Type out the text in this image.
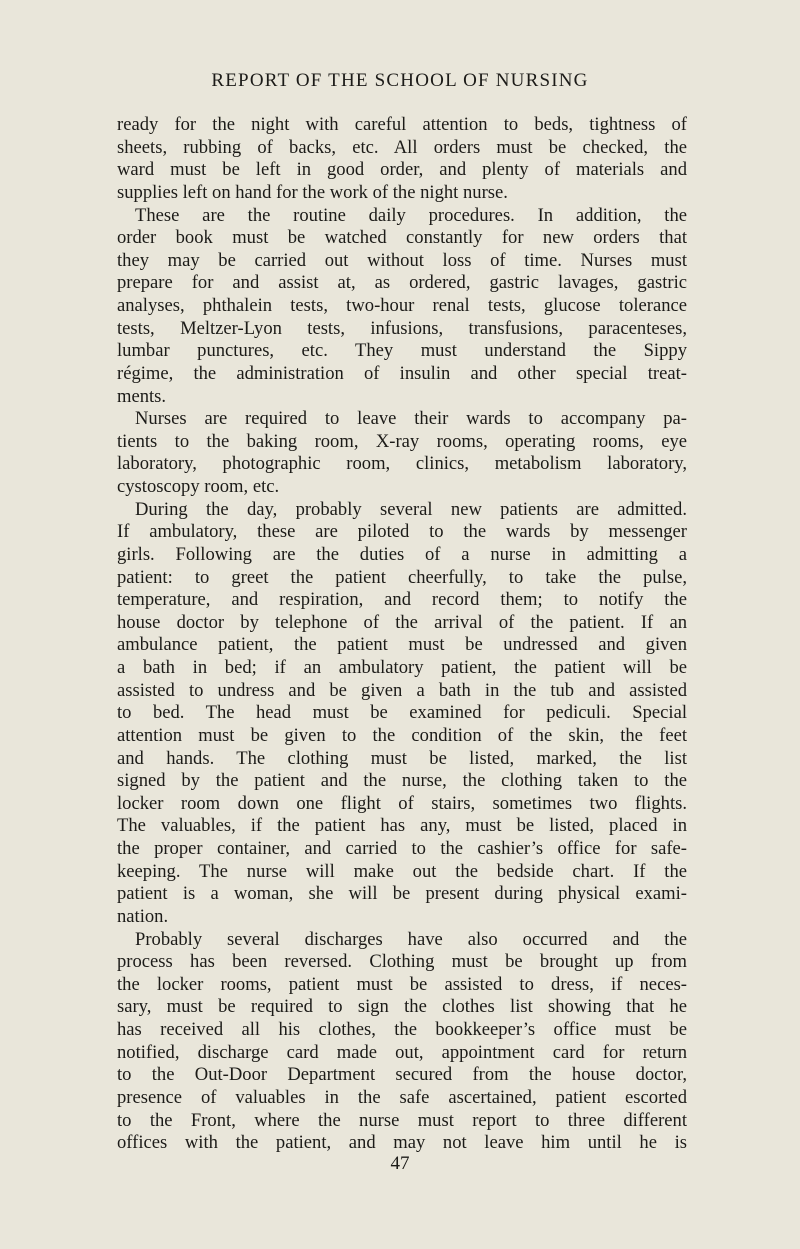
REPORT OF THE SCHOOL OF NURSING
ready for the night with careful attention to beds, tightness of
sheets, rubbing of backs, etc. All orders must be checked, the
ward must be left in good order, and plenty of materials and
supplies left on hand for the work of the night nurse.
These are the routine daily procedures. In addition, the
order book must be watched constantly for new orders that
they may be carried out without loss of time. Nurses must
prepare for and assist at, as ordered, gastric lavages, gastric
analyses, phthalein tests, two-hour renal tests, glucose tolerance
tests, Meltzer-Lyon tests, infusions, transfusions, paracenteses,
lumbar punctures, etc. They must understand the Sippy
régime, the administration of insulin and other special treat-
ments.
Nurses are required to leave their wards to accompany pa-
tients to the baking room, X-ray rooms, operating rooms, eye
laboratory, photographic room, clinics, metabolism laboratory,
cystoscopy room, etc.
During the day, probably several new patients are admitted.
If ambulatory, these are piloted to the wards by messenger
girls. Following are the duties of a nurse in admitting a
patient: to greet the patient cheerfully, to take the pulse,
temperature, and respiration, and record them; to notify the
house doctor by telephone of the arrival of the patient. If an
ambulance patient, the patient must be undressed and given
a bath in bed; if an ambulatory patient, the patient will be
assisted to undress and be given a bath in the tub and assisted
to bed. The head must be examined for pediculi. Special
attention must be given to the condition of the skin, the feet
and hands. The clothing must be listed, marked, the list
signed by the patient and the nurse, the clothing taken to the
locker room down one flight of stairs, sometimes two flights.
The valuables, if the patient has any, must be listed, placed in
the proper container, and carried to the cashier’s office for safe-
keeping. The nurse will make out the bedside chart. If the
patient is a woman, she will be present during physical exami-
nation.
Probably several discharges have also occurred and the
process has been reversed. Clothing must be brought up from
the locker rooms, patient must be assisted to dress, if neces-
sary, must be required to sign the clothes list showing that he
has received all his clothes, the bookkeeper’s office must be
notified, discharge card made out, appointment card for return
to the Out-Door Department secured from the house doctor,
presence of valuables in the safe ascertained, patient escorted
to the Front, where the nurse must report to three different
offices with the patient, and may not leave him until he is
47
